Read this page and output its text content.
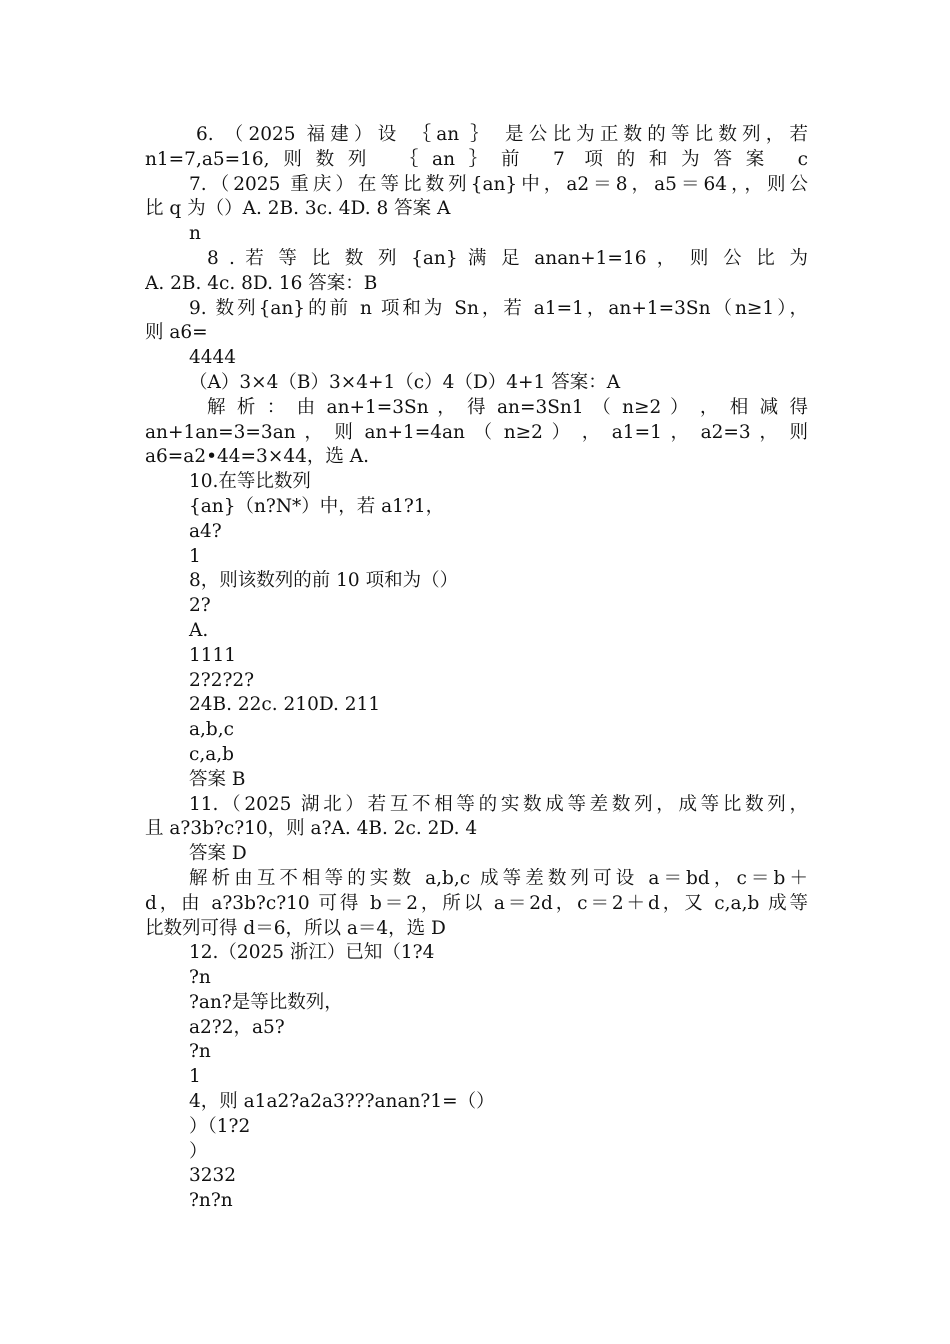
6. （2025 福建）设 ｛an ｝ 是公比为正数的等比数列，若
n1=7,a5=16,则数列 ｛an｝前 7 项的和为答案 c
7.（2025 重庆）在等比数列{an}中，a2＝8，a5＝64，，则公
比 q 为（）A. 2B. 3c. 4D. 8 答案 A
n
8 . 若 等 比 数 列 {an} 满 足 anan+1=16 ， 则 公 比 为
A. 2B. 4c. 8D. 16 答案：B
9. 数列{an}的前 n 项和为 Sn，若 a1=1，an+1=3Sn（n≥1），
则 a6=
4444
（A）3×4（B）3×4+1（c）4（D）4+1 答案：A
解 析 ： 由 an+1=3Sn ， 得 an=3Sn1 （ n≥2 ） ， 相 减 得
an+1an=3=3an ， 则 an+1=4an （ n≥2 ） ， a1=1 ， a2=3 ， 则
a6=a2•44=3×44，选 A.
10.在等比数列
{an}（n?N*）中，若 a1?1，
a4?
1
8，则该数列的前 10 项和为（）
2?
A.
1111
2?2?2?
24B. 22c. 210D. 211
a,b,c
c,a,b
答案 B
11.（2025 湖北）若互不相等的实数成等差数列，成等比数列，
且 a?3b?c?10，则 a?A. 4B. 2c. 2D. 4
答案 D
解析由互不相等的实数 a,b,c 成等差数列可设 a＝bd，c＝b＋
d，由 a?3b?c?10 可得 b＝2，所以 a＝2d，c＝2＋d，又 c,a,b 成等
比数列可得 d＝6，所以 a＝4，选 D
12.（2025 浙江）已知（1?4
?n
?an?是等比数列，
a2?2，a5?
?n
1
4，则 a1a2?a2a3???anan?1=（）
）（1?2
）
3232
?n?n
